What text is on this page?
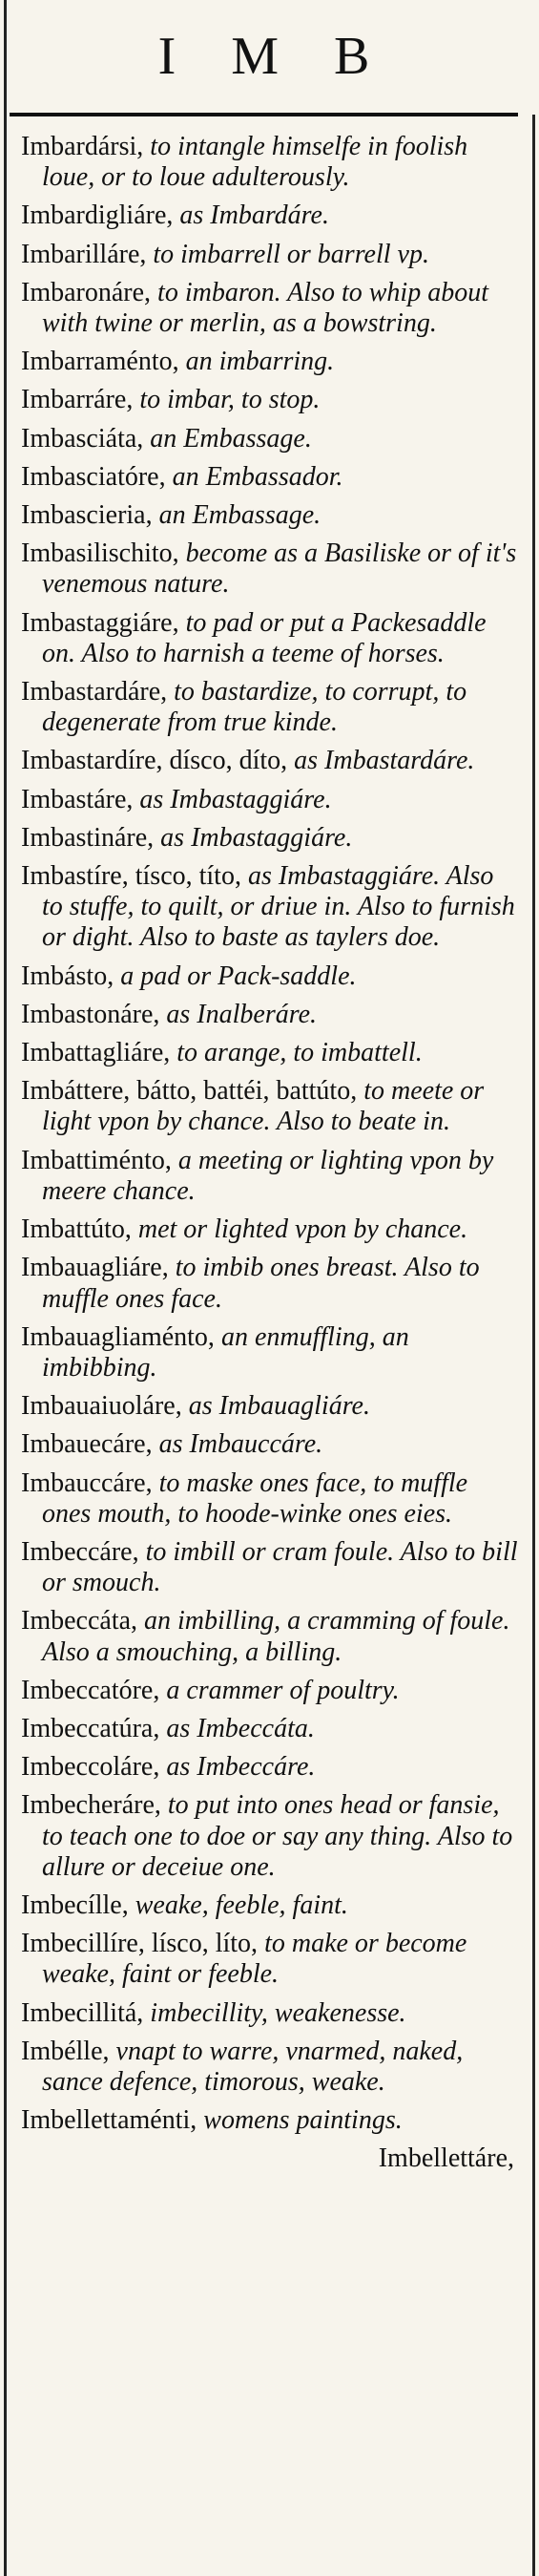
I M B
Imbardársi, to intangle himselfe in foolish loue, or to loue adulterously.
Imbardigliáre, as Imbardáre.
Imbarilláre, to imbarrell or barrell vp.
Imbaronáre, to imbaron. Also to whip about with twine or merlin, as a bowstring.
Imbarraménto, an imbarring.
Imbarráre, to imbar, to stop.
Imbasciáta, an Embassage.
Imbasciatóre, an Embassador.
Imbascieria, an Embassage.
Imbasilischito, become as a Basiliske or of it's venemous nature.
Imbastaggiáre, to pad or put a Packesaddle on. Also to harnish a teeme of horses.
Imbastardáre, to bastardize, to corrupt, to degenerate from true kinde.
Imbastardíre, dísco, díto, as Imbastardáre.
Imbastáre, as Imbastaggiáre.
Imbastináre, as Imbastaggiáre.
Imbastíre, tísco, títo, as Imbastaggiáre. Also to stuffe, to quilt, or driue in. Also to furnish or dight. Also to baste as taylers doe.
Imbásto, a pad or Pack-saddle.
Imbastonáre, as Inalberáre.
Imbattagliáre, to arange, to imbattell.
Imbáttere, bátto, battéi, battúto, to meete or light vpon by chance. Also to beate in.
Imbattiménto, a meeting or lighting vpon by meere chance.
Imbattúto, met or lighted vpon by chance.
Imbauagliáre, to imbib ones breast. Also to muffle ones face.
Imbauagliaménto, an enmuffling, an imbibbing.
Imbauaiuoláre, as Imbauagliáre.
Imbauecáre, as Imbauccáre.
Imbauccáre, to maske ones face, to muffle ones mouth, to hoode-winke ones eies.
Imbeccáre, to imbill or cram foule. Also to bill or smouch.
Imbeccáta, an imbilling, a cramming of foule. Also a smouching, a billing.
Imbeccatóre, a crammer of poultry.
Imbeccatúra, as Imbeccáta.
Imbeccoláre, as Imbeccáre.
Imbecheráre, to put into ones head or fansie, to teach one to doe or say any thing. Also to allure or deceiue one.
Imbecílle, weake, feeble, faint.
Imbecillíre, lísco, líto, to make or become weake, faint or feeble.
Imbecillitá, imbecillity, weakenesse.
Imbélle, vnapt to warre, vnarmed, naked, sance defence, timorous, weake.
Imbellettaménti, womens paintings.
Imbellettáre,
